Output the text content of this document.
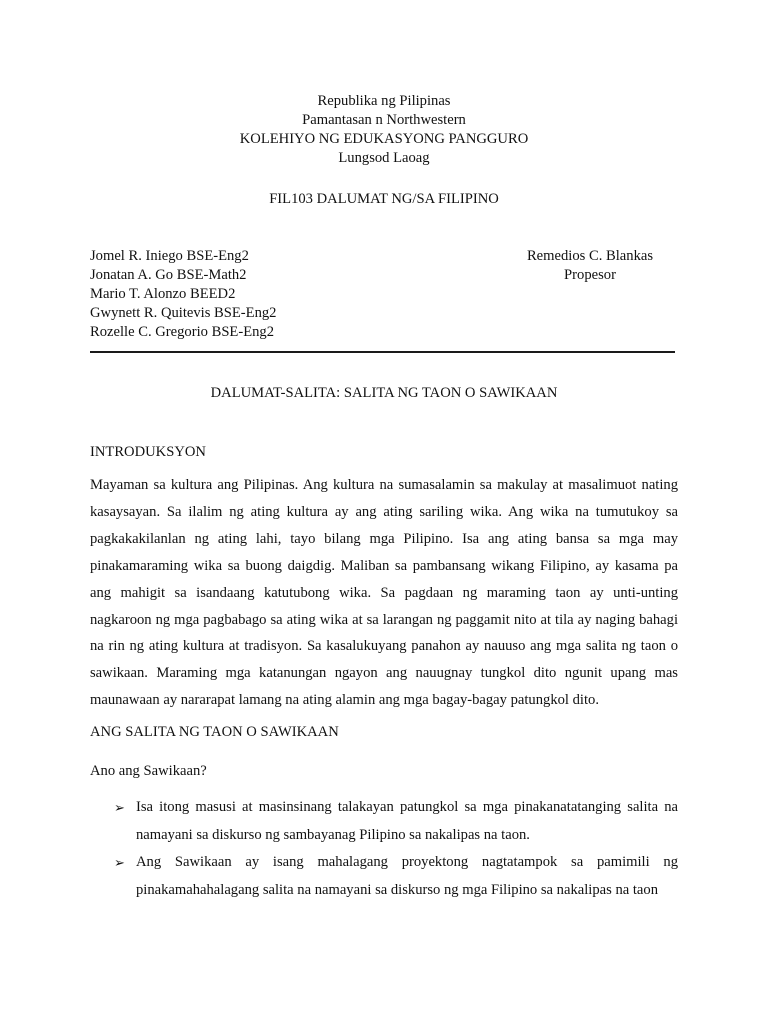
Republika ng Pilipinas
Pamantasan n Northwestern
KOLEHIYO NG EDUKASYONG PANGGURO
Lungsod Laoag
FIL103 DALUMAT NG/SA FILIPINO
Jomel R. Iniego BSE-Eng2
Jonatan A. Go BSE-Math2
Mario T. Alonzo BEED2
Gwynett R. Quitevis BSE-Eng2
Rozelle C. Gregorio BSE-Eng2
Remedios C. Blankas
Propesor
DALUMAT-SALITA: SALITA NG TAON O SAWIKAAN
INTRODUKSYON
Mayaman sa kultura ang Pilipinas. Ang kultura na sumasalamin sa makulay at masalimuot nating
kasaysayan. Sa ilalim ng ating kultura ay ang ating sariling wika. Ang wika na tumutukoy sa
pagkakakilanlan ng ating lahi, tayo bilang mga Pilipino. Isa ang ating bansa sa mga may
pinakamaraming wika sa buong daigdig. Maliban sa pambansang wikang Filipino, ay kasama pa
ang mahigit sa isandaang katutubong wika. Sa pagdaan ng maraming taon ay unti-unting
nagkaroon ng mga pagbabago sa ating wika at sa larangan ng paggamit nito at tila ay naging bahagi
na rin ng ating kultura at tradisyon. Sa kasalukuyang panahon ay nauuso ang mga salita ng taon o
sawikaan. Maraming mga katanungan ngayon ang nauugnay tungkol dito ngunit upang mas
maunawaan ay nararapat lamang na ating alamin ang mga bagay-bagay patungkol dito.
ANG SALITA NG TAON O SAWIKAAN
Ano ang Sawikaan?
➢ Isa itong masusi at masinsinang talakayan patungkol sa mga pinakanatatanging salita na
namayani sa diskurso ng sambayanag Pilipino sa nakalipas na taon.
➢ Ang Sawikaan ay isang mahalagang proyektong nagtatampok sa pamimili ng
pinakamahahalagang salita na namayani sa diskurso ng mga Filipino sa nakalipas na taon
